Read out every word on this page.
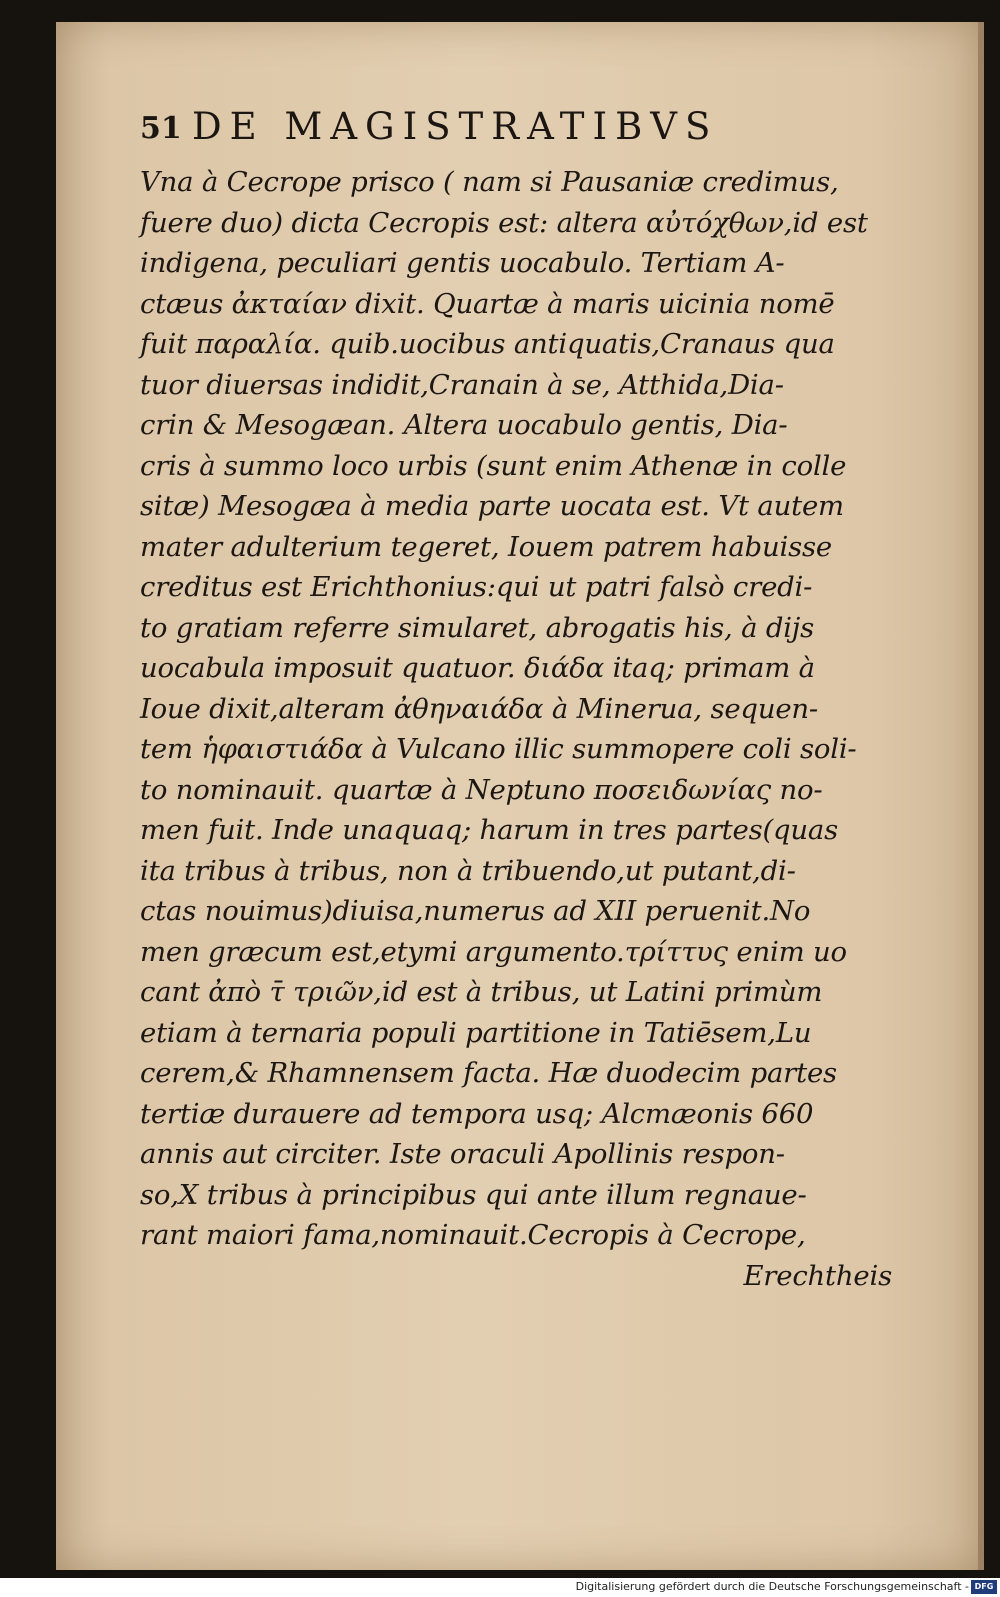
51 DE MAGISTRATIBVS
Vna à Cecrope prisco ( nam si Pausaniæ credimus,
fuere duo) dicta Cecropis est: altera αὐτόχθων,id est
indigena, peculiari gentis uocabulo. Tertiam A-
ctæus ἀκταίαν dixit. Quartæ à maris uicinia nomē
fuit παραλία. quib.uocibus antiquatis,Cranaus qua
tuor diuersas indidit,Cranain à se, Atthida,Dia-
crin & Mesogæan. Altera uocabulo gentis, Dia-
cris à summo loco urbis (sunt enim Athenæ in colle
sitæ) Mesogæa à media parte uocata est. Vt autem
mater adulterium tegeret, Iouem patrem habuisse
creditus est Erichthonius:qui ut patri falsò credi-
to gratiam referre simularet, abrogatis his, à dijs
uocabula imposuit quatuor. διάδα itaq; primam à
Ioue dixit,alteram ἀθηναιάδα à Minerua, sequen-
tem ἡφαιστιάδα à Vulcano illic summopere coli soli-
to nominauit. quartæ à Neptuno ποσειδωνίας no-
men fuit. Inde unaquaq; harum in tres partes(quas
ita tribus à tribus, non à tribuendo,ut putant,di-
ctas nouimus)diuisa,numerus ad XII peruenit.No
men græcum est,etymi argumento.τρίττυς enim uo
cant ἀπὸ τ̄ τριῶν,id est à tribus, ut Latini primùm
etiam à ternaria populi partitione in Tatiēsem,Lu
cerem,& Rhamnensem facta. Hæ duodecim partes
tertiæ durauere ad tempora usq; Alcmæonis 660
annis aut circiter. Iste oraculi Apollinis respon-
so,X tribus à principibus qui ante illum regnaue-
rant maiori fama,nominauit.Cecropis à Cecrope,
Erechtheis
Digitalisierung gefördert durch die Deutsche Forschungsgemeinschaft - DFG
